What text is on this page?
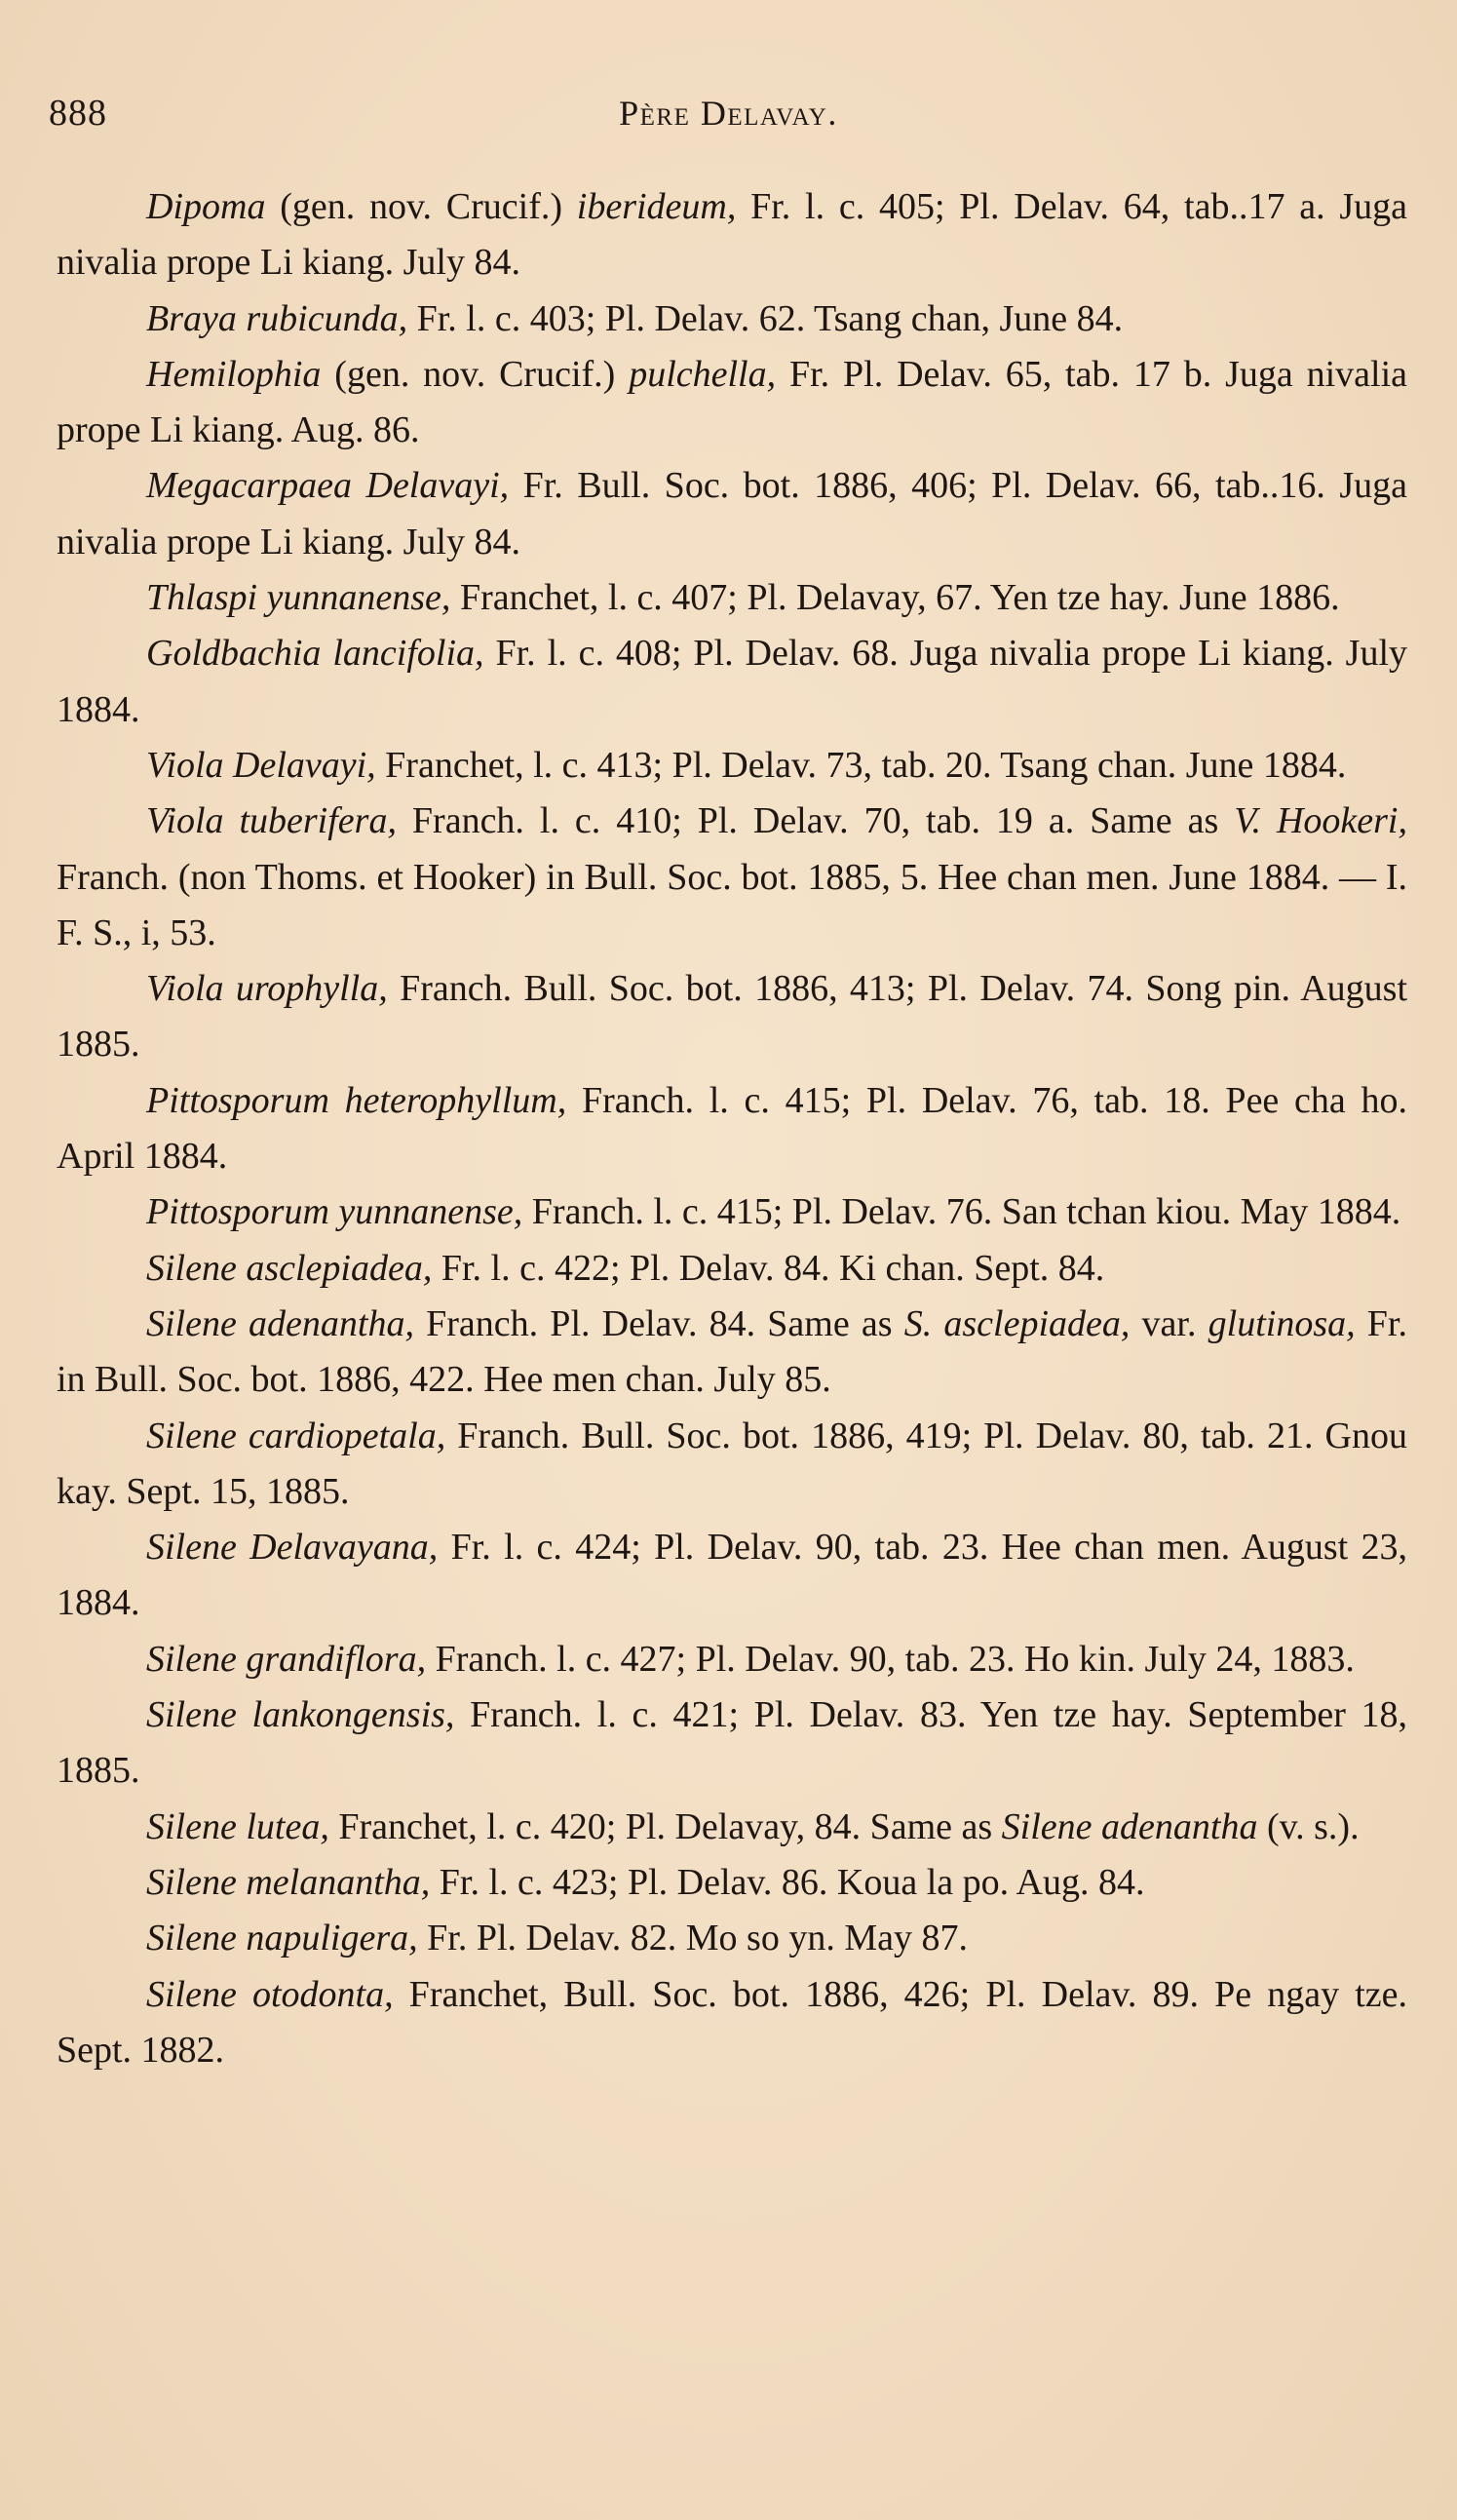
888	Père Delavay.

Dipoma (gen. nov. Crucif.) iberideum, Fr. l. c. 405; Pl. Delav. 64, tab..17 a. Juga nivalia prope Li kiang. July 84.

Braya rubicunda, Fr. l. c. 403; Pl. Delav. 62. Tsang chan, June 84.

Hemilophia (gen. nov. Crucif.) pulchella, Fr. Pl. Delav. 65, tab. 17 b. Juga nivalia prope Li kiang. Aug. 86.

Megacarpaea Delavayi, Fr. Bull. Soc. bot. 1886, 406; Pl. Delav. 66, tab..16. Juga nivalia prope Li kiang. July 84.

Thlaspi yunnanense, Franchet, l. c. 407; Pl. Delavay, 67. Yen tze hay. June 1886.

Goldbachia lancifolia, Fr. l. c. 408; Pl. Delav. 68. Juga nivalia prope Li kiang. July 1884.

Viola Delavayi, Franchet, l. c. 413; Pl. Delav. 73, tab. 20. Tsang chan. June 1884.

Viola tuberifera, Franch. l. c. 410; Pl. Delav. 70, tab. 19 a. Same as V. Hookeri, Franch. (non Thoms. et Hooker) in Bull. Soc. bot. 1885, 5. Hee chan men. June 1884. — I. F. S., i, 53.

Viola urophylla, Franch. Bull. Soc. bot. 1886, 413; Pl. Delav. 74. Song pin. August 1885.

Pittosporum heterophyllum, Franch. l. c. 415; Pl. Delav. 76, tab. 18. Pee cha ho. April 1884.

Pittosporum yunnanense, Franch. l. c. 415; Pl. Delav. 76. San tchan kiou. May 1884.

Silene asclepiadea, Fr. l. c. 422; Pl. Delav. 84. Ki chan. Sept. 84.

Silene adenantha, Franch. Pl. Delav. 84. Same as S. asclepiadea, var. glutinosa, Fr. in Bull. Soc. bot. 1886, 422. Hee men chan. July 85.

Silene cardiopetala, Franch. Bull. Soc. bot. 1886, 419; Pl. Delav. 80, tab. 21. Gnou kay. Sept. 15, 1885.

Silene Delavayana, Fr. l. c. 424; Pl. Delav. 90, tab. 23. Hee chan men. August 23, 1884.

Silene grandiflora, Franch. l. c. 427; Pl. Delav. 90, tab. 23. Ho kin. July 24, 1883.

Silene lankongensis, Franch. l. c. 421; Pl. Delav. 83. Yen tze hay. September 18, 1885.

Silene lutea, Franchet, l. c. 420; Pl. Delavay, 84. Same as Silene adenantha (v. s.).

Silene melanantha, Fr. l. c. 423; Pl. Delav. 86. Koua la po. Aug. 84.

Silene napuligera, Fr. Pl. Delav. 82. Mo so yn. May 87.

Silene otodonta, Franchet, Bull. Soc. bot. 1886, 426; Pl. Delav. 89. Pe ngay tze. Sept. 1882.
